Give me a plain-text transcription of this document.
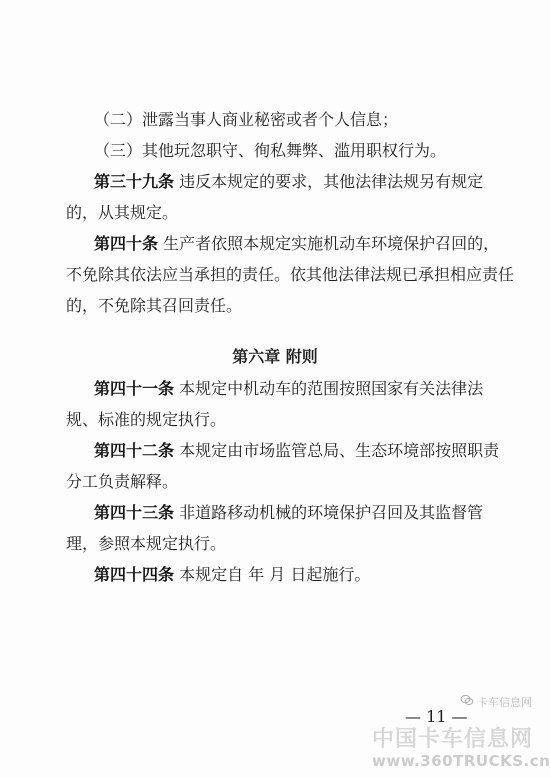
（二）泄露当事人商业秘密或者个人信息；
（三）其他玩忽职守、徇私舞弊、滥用职权行为。
第三十九条 违反本规定的要求，其他法律法规另有规定
的，从其规定。
第四十条 生产者依照本规定实施机动车环境保护召回的，
不免除其依法应当承担的责任。依其他法律法规已承担相应责任
的，不免除其召回责任。
第六章 附则
第四十一条 本规定中机动车的范围按照国家有关法律法
规、标准的规定执行。
第四十二条 本规定由市场监管总局、生态环境部按照职责
分工负责解释。
第四十三条 非道路移动机械的环境保护召回及其监督管
理，参照本规定执行。
第四十四条 本规定自 年 月 日起施行。
— 11 —
卡车信息网
中国卡车信息网
www.360TRUCKS.cn
